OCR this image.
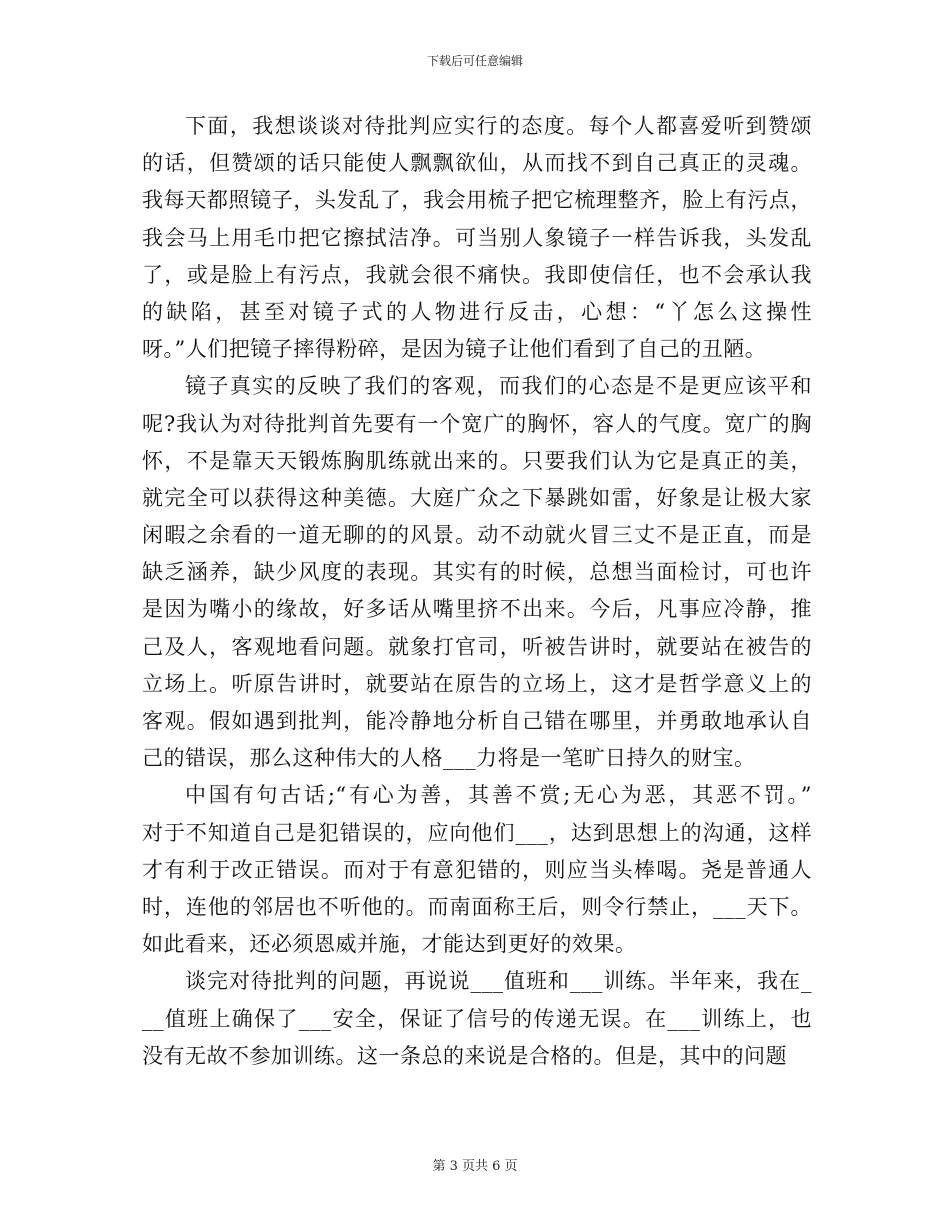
下载后可任意编辑

下面，我想谈谈对待批判应实行的态度。每个人都喜爱听到赞颂

的话，但赞颂的话只能使人飘飘欲仙，从而找不到自己真正的灵魂。

我每天都照镜子，头发乱了，我会用梳子把它梳理整齐，脸上有污点，

我会马上用毛巾把它擦拭洁净。可当别人象镜子一样告诉我，头发乱

了，或是脸上有污点，我就会很不痛快。我即使信任，也不会承认我

的缺陷，甚至对镜子式的人物进行反击，心想：“丫怎么这操性

呀。”人们把镜子摔得粉碎，是因为镜子让他们看到了自己的丑陋。

镜子真实的反映了我们的客观，而我们的心态是不是更应该平和

呢?我认为对待批判首先要有一个宽广的胸怀，容人的气度。宽广的胸

怀，不是靠天天锻炼胸肌练就出来的。只要我们认为它是真正的美，

就完全可以获得这种美德。大庭广众之下暴跳如雷，好象是让极大家

闲暇之余看的一道无聊的的风景。动不动就火冒三丈不是正直，而是

缺乏涵养，缺少风度的表现。其实有的时候，总想当面检讨，可也许

是因为嘴小的缘故，好多话从嘴里挤不出来。今后，凡事应冷静，推

己及人，客观地看问题。就象打官司，听被告讲时，就要站在被告的

立场上。听原告讲时，就要站在原告的立场上，这才是哲学意义上的

客观。假如遇到批判，能冷静地分析自己错在哪里，并勇敢地承认自

己的错误，那么这种伟大的人格___力将是一笔旷日持久的财宝。

中国有句古话;“有心为善，其善不赏;无心为恶，其恶不罚。”

对于不知道自己是犯错误的，应向他们___，达到思想上的沟通，这样

才有利于改正错误。而对于有意犯错的，则应当头棒喝。尧是普通人

时，连他的邻居也不听他的。而南面称王后，则令行禁止，___天下。

如此看来，还必须恩威并施，才能达到更好的效果。

谈完对待批判的问题，再说说___值班和___训练。半年来，我在_

__值班上确保了___安全，保证了信号的传递无误。在___训练上，也

没有无故不参加训练。这一条总的来说是合格的。但是，其中的问题

第 3 页共 6 页
